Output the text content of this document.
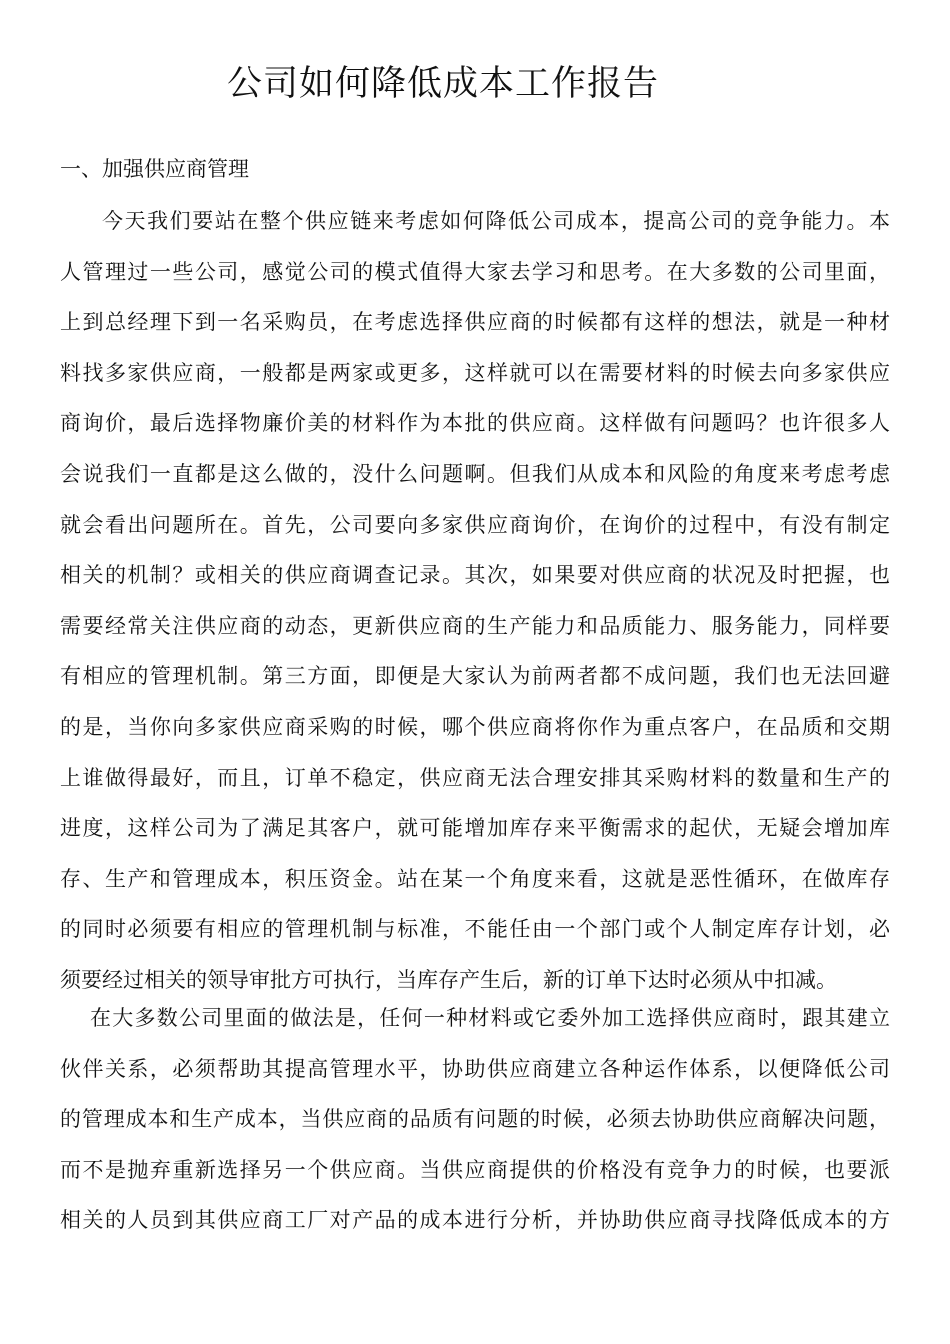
公司如何降低成本工作报告
一、加强供应商管理
今天我们要站在整个供应链来考虑如何降低公司成本，提高公司的竞争能力。本
人管理过一些公司，感觉公司的模式值得大家去学习和思考。在大多数的公司里面，
上到总经理下到一名采购员，在考虑选择供应商的时候都有这样的想法，就是一种材
料找多家供应商，一般都是两家或更多，这样就可以在需要材料的时候去向多家供应
商询价，最后选择物廉价美的材料作为本批的供应商。这样做有问题吗？也许很多人
会说我们一直都是这么做的，没什么问题啊。但我们从成本和风险的角度来考虑考虑
就会看出问题所在。首先，公司要向多家供应商询价，在询价的过程中，有没有制定
相关的机制？或相关的供应商调查记录。其次，如果要对供应商的状况及时把握，也
需要经常关注供应商的动态，更新供应商的生产能力和品质能力、服务能力，同样要
有相应的管理机制。第三方面，即便是大家认为前两者都不成问题，我们也无法回避
的是，当你向多家供应商采购的时候，哪个供应商将你作为重点客户，在品质和交期
上谁做得最好，而且，订单不稳定，供应商无法合理安排其采购材料的数量和生产的
进度，这样公司为了满足其客户，就可能增加库存来平衡需求的起伏，无疑会增加库
存、生产和管理成本，积压资金。站在某一个角度来看，这就是恶性循环，在做库存
的同时必须要有相应的管理机制与标准，不能任由一个部门或个人制定库存计划，必
须要经过相关的领导审批方可执行，当库存产生后，新的订单下达时必须从中扣减。
在大多数公司里面的做法是，任何一种材料或它委外加工选择供应商时，跟其建立
伙伴关系，必须帮助其提高管理水平，协助供应商建立各种运作体系，以便降低公司
的管理成本和生产成本，当供应商的品质有问题的时候，必须去协助供应商解决问题，
而不是抛弃重新选择另一个供应商。当供应商提供的价格没有竞争力的时候，也要派
相关的人员到其供应商工厂对产品的成本进行分析，并协助供应商寻找降低成本的方
